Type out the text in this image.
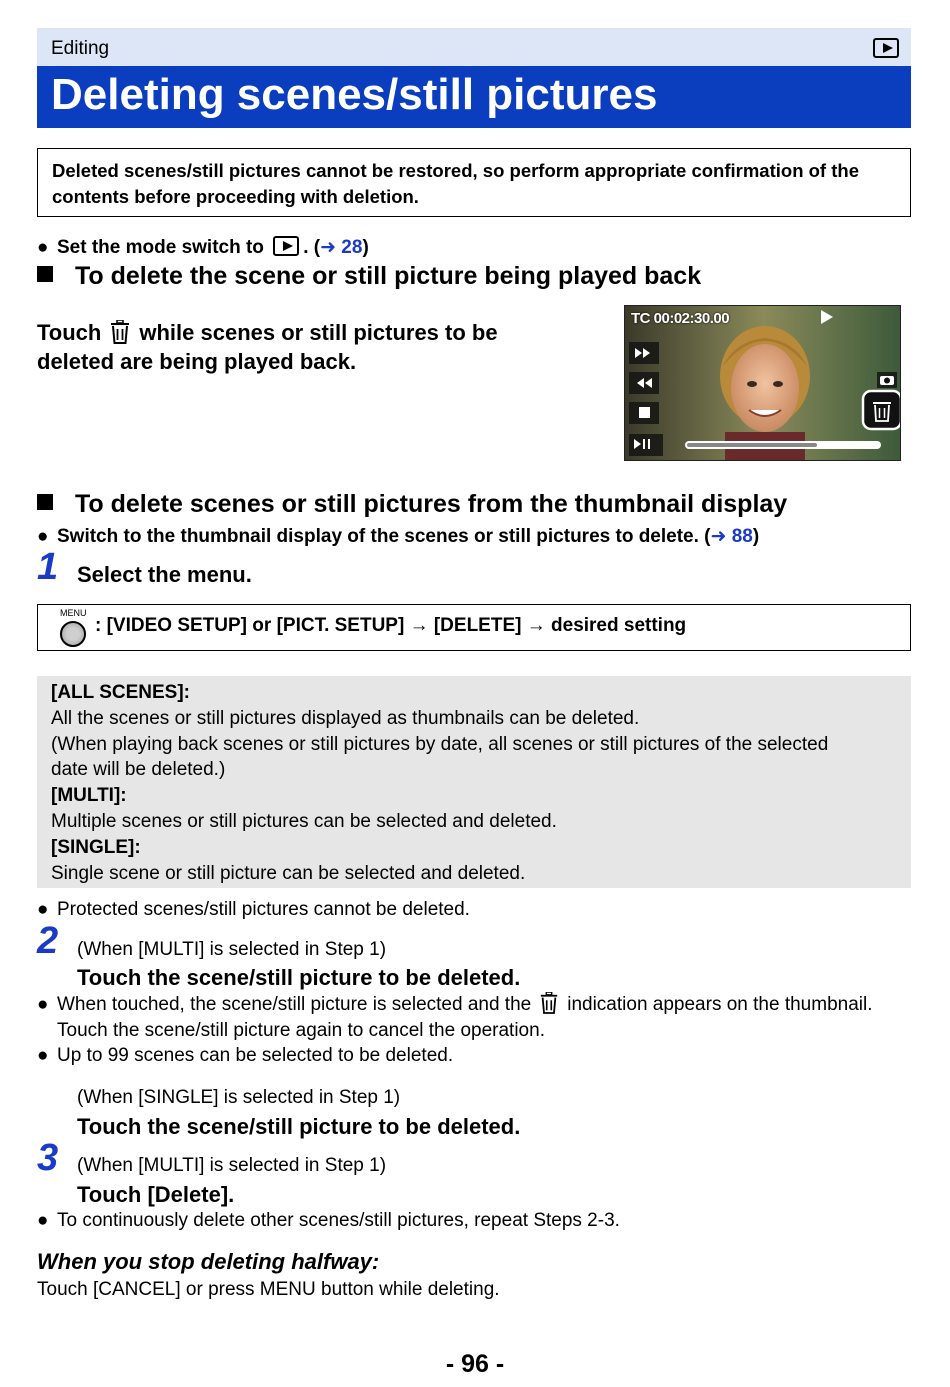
Editing
Deleting scenes/still pictures
Deleted scenes/still pictures cannot be restored, so perform appropriate confirmation of the contents before proceeding with deletion.
● Set the mode switch to . (➜ 28)
To delete the scene or still picture being played back
Touch while scenes or still pictures to be
deleted are being played back.
TC 00:02:30.00
To delete scenes or still pictures from the thumbnail display
● Switch to the thumbnail display of the scenes or still pictures to delete. (➜ 88)
1 Select the menu.
MENU
: [VIDEO SETUP] or [PICT. SETUP] → [DELETE] → desired setting
[ALL SCENES]:
All the scenes or still pictures displayed as thumbnails can be deleted.
(When playing back scenes or still pictures by date, all scenes or still pictures of the selected
date will be deleted.)
[MULTI]:
Multiple scenes or still pictures can be selected and deleted.
[SINGLE]:
Single scene or still picture can be selected and deleted.
● Protected scenes/still pictures cannot be deleted.
2 (When [MULTI] is selected in Step 1)
Touch the scene/still picture to be deleted.
● When touched, the scene/still picture is selected and the indication appears on the thumbnail.
Touch the scene/still picture again to cancel the operation.
● Up to 99 scenes can be selected to be deleted.
(When [SINGLE] is selected in Step 1)
Touch the scene/still picture to be deleted.
3 (When [MULTI] is selected in Step 1)
Touch [Delete].
● To continuously delete other scenes/still pictures, repeat Steps 2-3.
When you stop deleting halfway:
Touch [CANCEL] or press MENU button while deleting.
- 96 -
